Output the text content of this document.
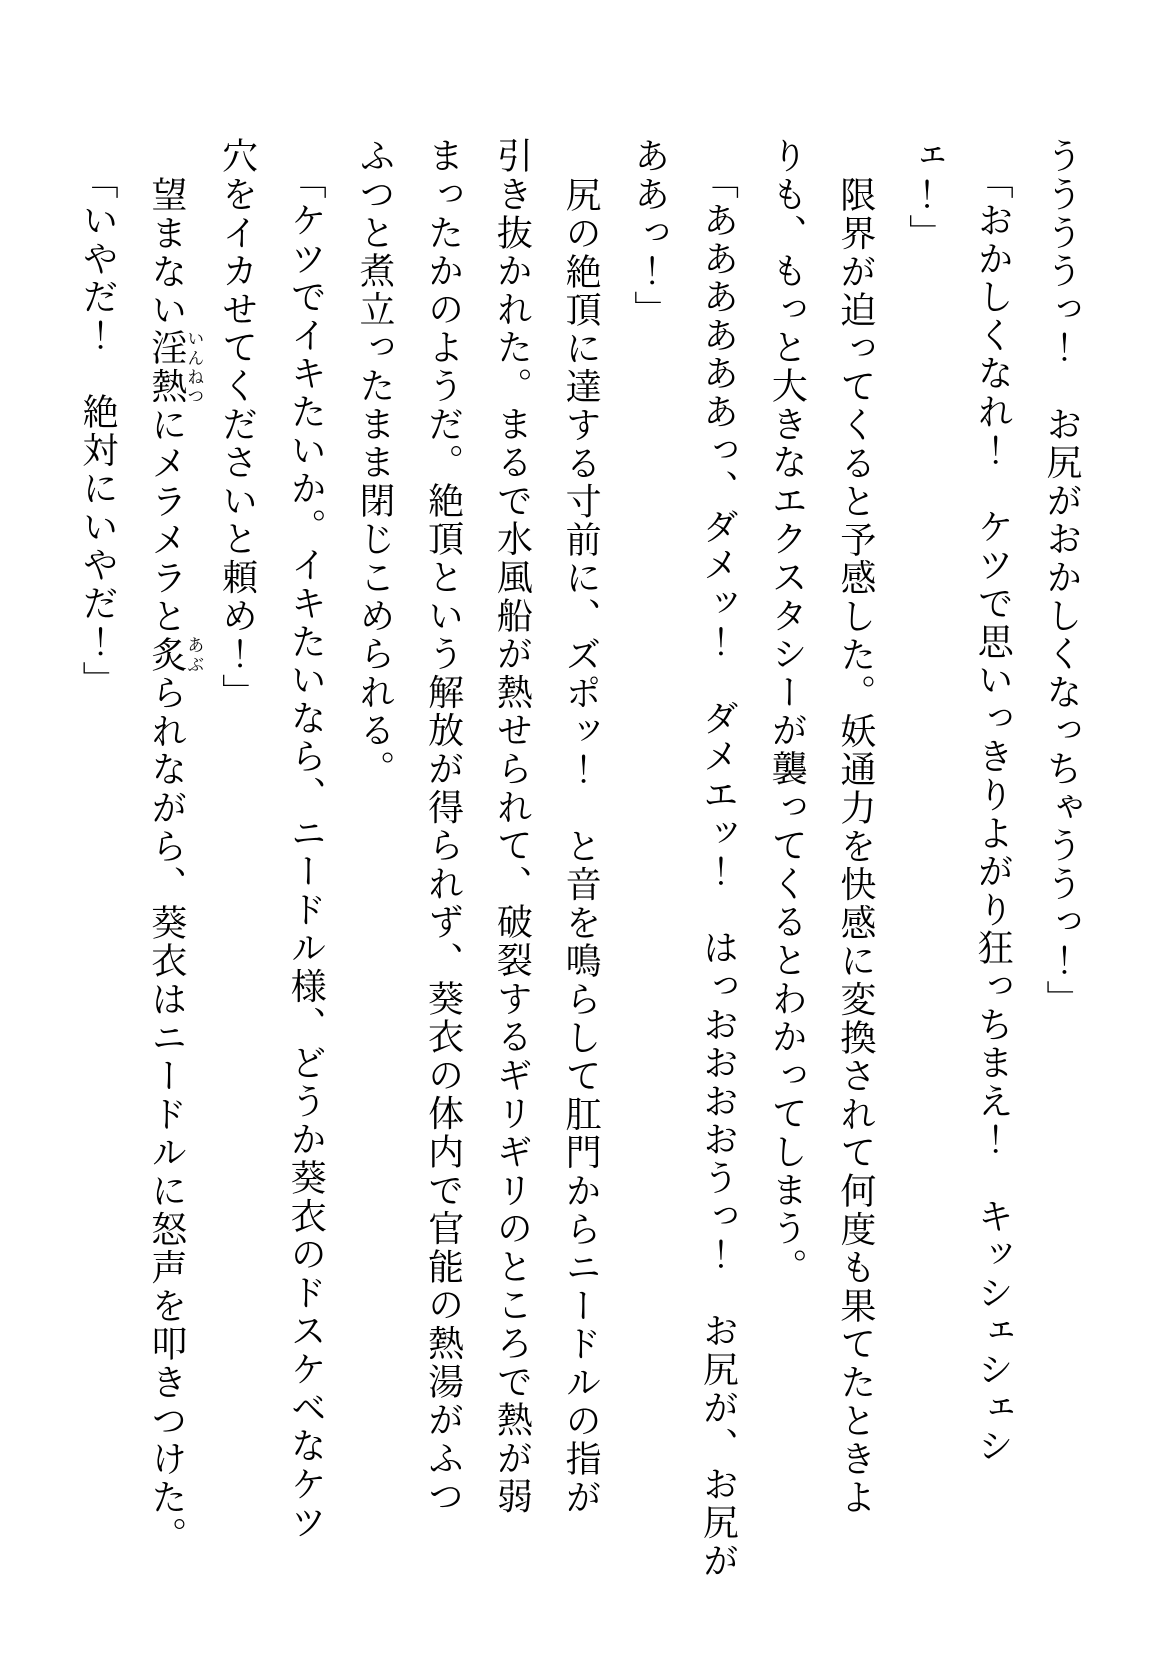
ううううっ！　お尻がおかしくなっちゃううっ！」
「おかしくなれ！　ケツで思いっきりよがり狂っちまえ！　キッシェシェシ
ェ！」
限界が迫ってくると予感した。妖通力を快感に変換されて何度も果てたときよ
りも、もっと大きなエクスタシーが襲ってくるとわかってしまう。
「ああああああっ、ダメッ！　ダメエッ！　はっおおおおうっ！　お尻が、お尻が
ああっ！」
尻の絶頂に達する寸前に、ズポッ！　と音を鳴らして肛門からニードルの指が
引き抜かれた。まるで水風船が熱せられて、破裂するギリギリのところで熱が弱
まったかのようだ。絶頂という解放が得られず、葵衣の体内で官能の熱湯がふつ
ふつと煮立ったまま閉じこめられる。
「ケツでイキたいか。イキたいなら、ニードル様、どうか葵衣のドスケベなケツ
穴をイカせてくださいと頼め！」
望まない淫熱いんねつにメラメラと炙あぶられながら、葵衣はニードルに怒声を叩きつけた。
「いやだ！　絶対にいやだ！」
